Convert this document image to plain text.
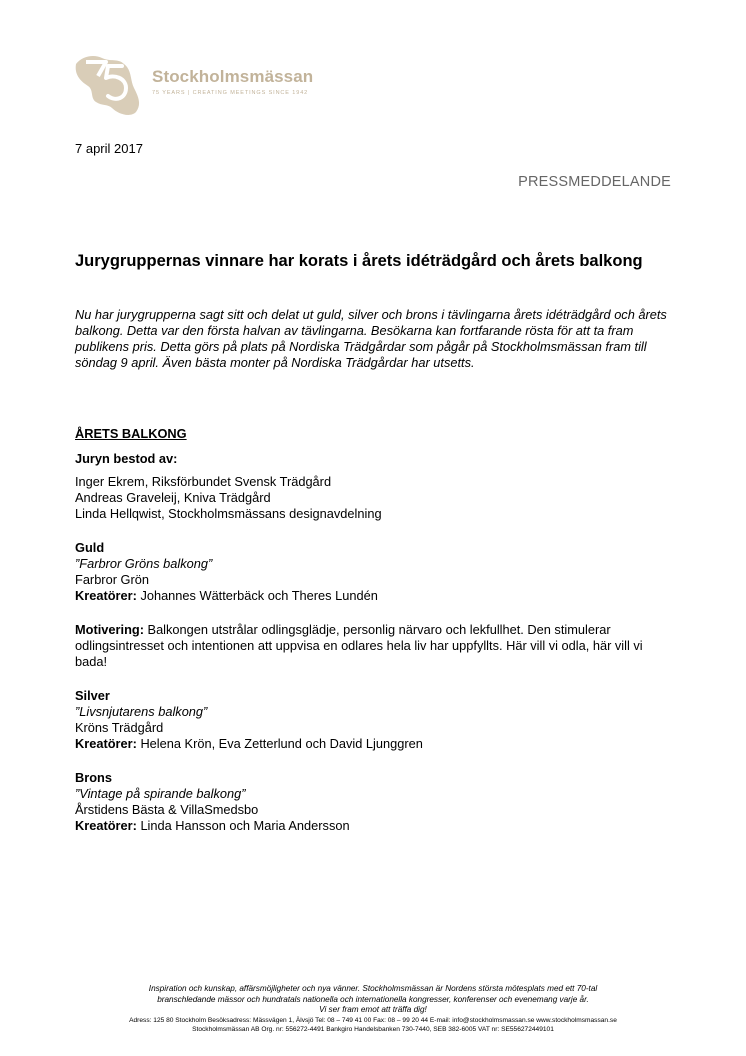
Stockholmsmässan
75 YEARS | CREATING MEETINGS SINCE 1942
7 april 2017
PRESSMEDDELANDE
Jurygruppernas vinnare har korats i årets idéträdgård och årets balkong

Nu har jurygrupperna sagt sitt och delat ut guld, silver och brons i tävlingarna årets idéträdgård och årets balkong. Detta var den första halvan av tävlingarna. Besökarna kan fortfarande rösta för att ta fram publikens pris. Detta görs på plats på Nordiska Trädgårdar som pågår på Stockholmsmässan fram till söndag 9 april. Även bästa monter på Nordiska Trädgårdar har utsetts.

ÅRETS BALKONG

Juryn bestod av:

Inger Ekrem, Riksförbundet Svensk Trädgård

Andreas Graveleij, Kniva Trädgård

Linda Hellqwist, Stockholmsmässans designavdelning

Guld

”Farbror Gröns balkong”

Farbror Grön

Kreatörer: Johannes Wätterbäck och Theres Lundén

Motivering: Balkongen utstrålar odlingsglädje, personlig närvaro och lekfullhet. Den stimulerar odlingsintresset och intentionen att uppvisa en odlares hela liv har uppfyllts. Här vill vi odla, här vill vi bada!

Silver

”Livsnjutarens balkong”

Kröns Trädgård

Kreatörer: Helena Krön, Eva Zetterlund och David Ljunggren

Brons

”Vintage på spirande balkong”

Årstidens Bästa & VillaSmedsbo

Kreatörer: Linda Hansson och Maria Andersson

Inspiration och kunskap, affärsmöjligheter och nya vänner. Stockholmsmässan är Nordens största mötesplats med ett 70-tal
branschledande mässor och hundratals nationella och internationella kongresser, konferenser och evenemang varje år.
Vi ser fram emot att träffa dig!
Adress: 125 80 Stockholm Besöksadress: Mässvägen 1, Älvsjö Tel: 08 – 749 41 00 Fax: 08 – 99 20 44 E-mail: info@stockholmsmassan.se www.stockholmsmassan.se
Stockholmsmässan AB Org. nr: 556272-4491 Bankgiro Handelsbanken 730-7440, SEB 382-6005 VAT nr: SE556272449101
